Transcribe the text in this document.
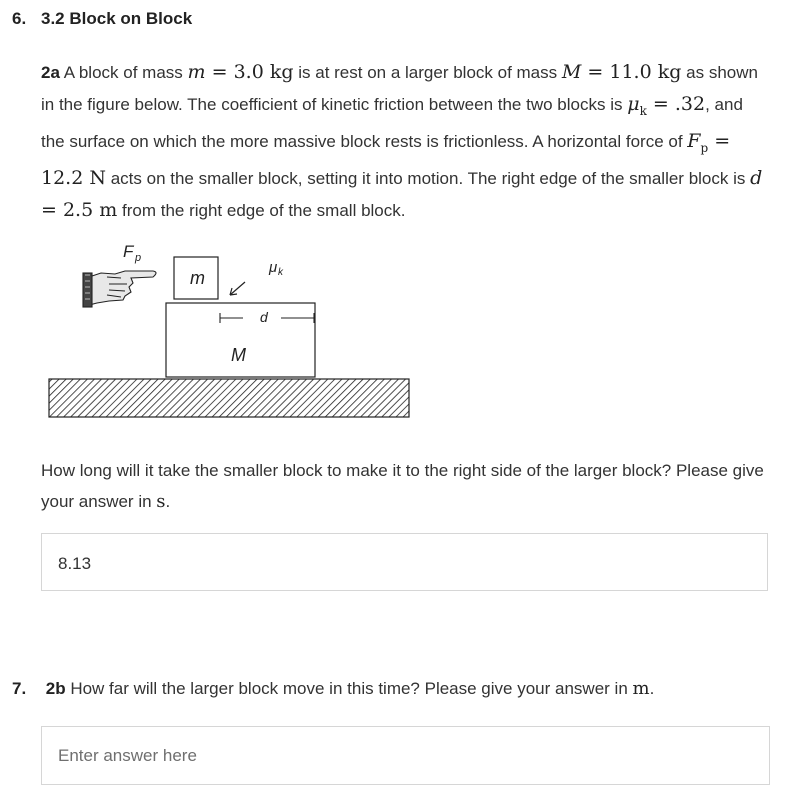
6. 3.2 Block on Block
2a A block of mass m = 3.0 kg is at rest on a larger block of mass M = 11.0 kg as shown in the figure below. The coefficient of kinetic friction between the two blocks is $\mu_k = .32$, and the surface on which the more massive block rests is frictionless. A horizontal force of $F_p = 12.2$ N acts on the smaller block, setting it into motion. The right edge of the smaller block is d = 2.5 m from the right edge of the small block.
M
m
F p
μ k
d
How long will it take the smaller block to make it to the right side of the larger block? Please give your answer in s.
8.13
7. 2b How far will the larger block move in this time? Please give your answer in m.
Enter answer here
